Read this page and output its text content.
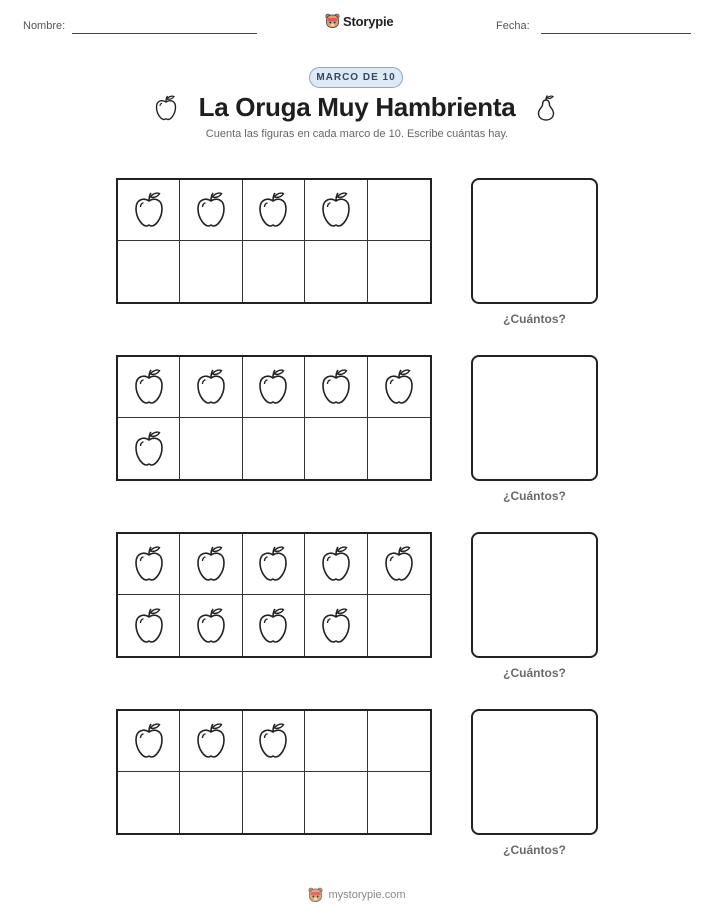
Nombre:	Storypie	Fecha:
MARCO DE 10
La Oruga Muy Hambrienta
Cuenta las figuras en cada marco de 10. Escribe cuántas hay.
¿Cuántos?
¿Cuántos?
¿Cuántos?
¿Cuántos?
mystorypie.com
